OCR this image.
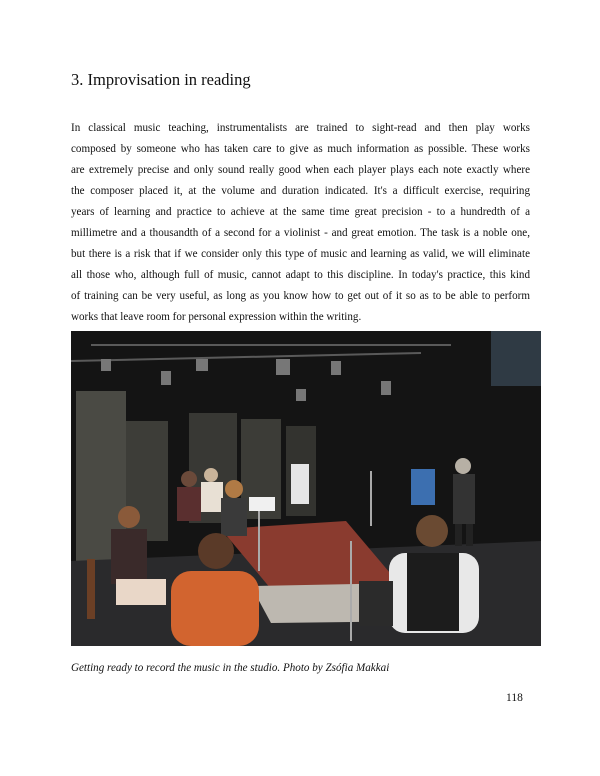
3. Improvisation in reading
In classical music teaching, instrumentalists are trained to sight-read and then play works
composed by someone who has taken care to give as much information as possible. These works
are extremely precise and only sound really good when each player plays each note exactly where
the composer placed it, at the volume and duration indicated. It's a difficult exercise, requiring
years of learning and practice to achieve at the same time great precision - to a hundredth of a
millimetre and a thousandth of a second for a violinist - and great emotion. The task is a noble one,
but there is a risk that if we consider only this type of music and learning as valid, we will eliminate
all those who, although full of music, cannot adapt to this discipline. In today's practice, this kind
of training can be very useful, as long as you know how to get out of it so as to be able to perform
works that leave room for personal expression within the writing.
Getting ready to record the music in the studio. Photo by Zsófia Makkai
118
